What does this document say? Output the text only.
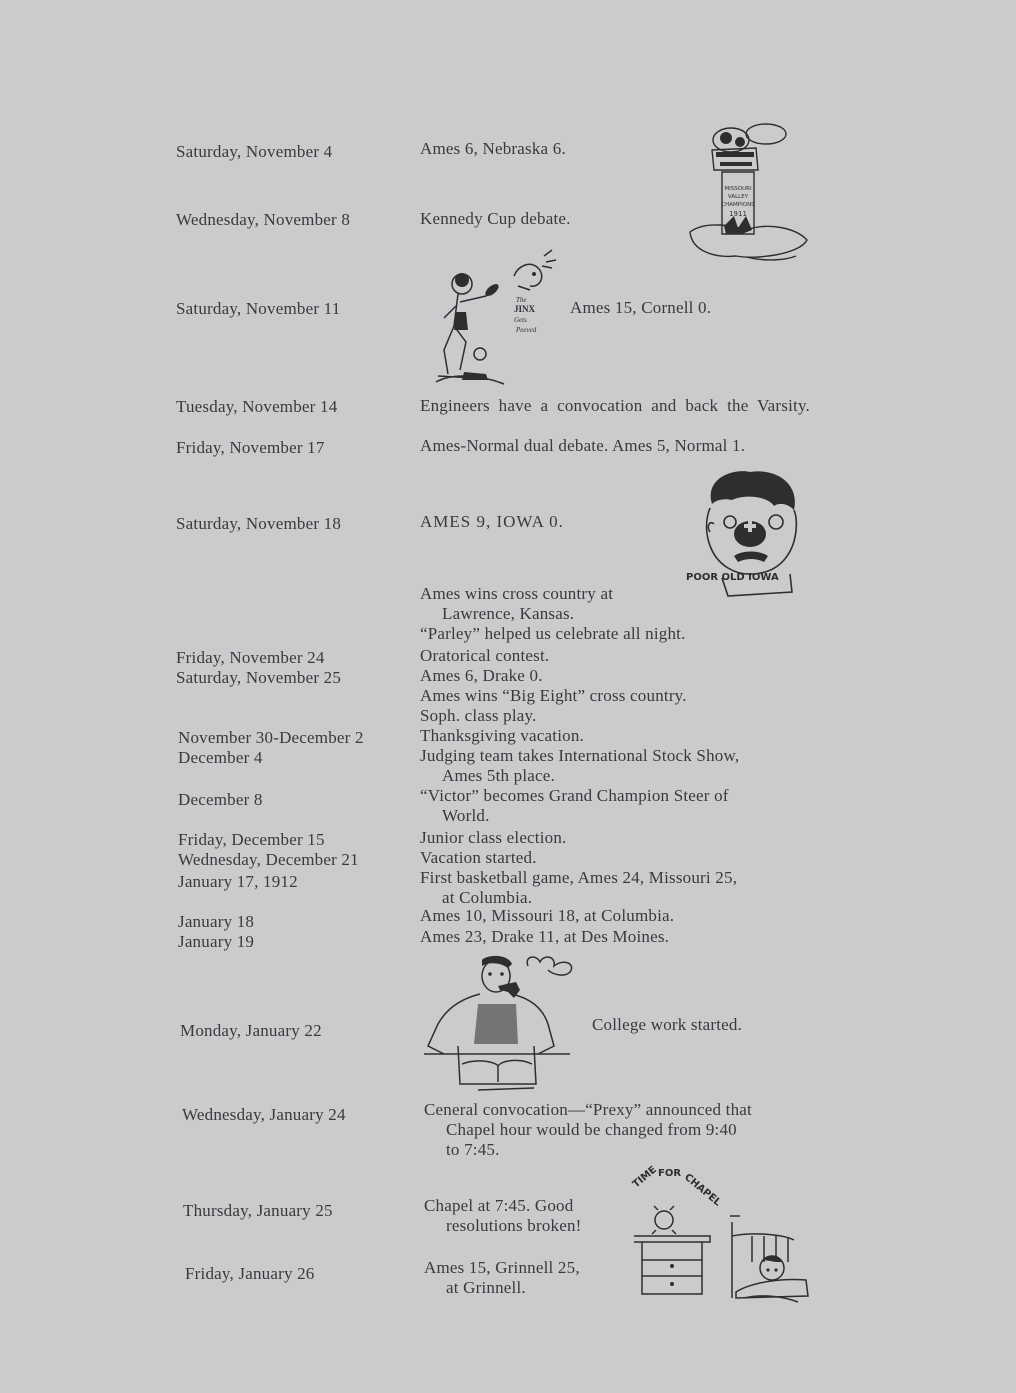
Saturday, November 4
Wednesday, November 8
Saturday, November 11
Tuesday, November 14
Friday, November 17
Saturday, November 18
Friday, November 24
Saturday, November 25
November 30-December 2
December 4
December 8
Friday, December 15
Wednesday, December 21
January 17, 1912
January 18
January 19
Monday, January 22
Wednesday, January 24
Thursday, January 25
Friday, January 26
Ames 6, Nebraska 6.
Kennedy Cup debate.
Ames 15, Cornell 0.
Engineers have a convocation and back the Varsity.
Ames-Normal dual debate. Ames 5, Normal 1.
AMES 9, IOWA 0.
Ames wins cross country at
Lawrence, Kansas.
“Parley” helped us celebrate all night.
Oratorical contest.
Ames 6, Drake 0.
Ames wins “Big Eight” cross country.
Soph. class play.
Thanksgiving vacation.
Judging team takes International Stock Show,
Ames 5th place.
“Victor” becomes Grand Champion Steer of
World.
Junior class election.
Vacation started.
First basketball game, Ames 24, Missouri 25,
at Columbia.
Ames 10, Missouri 18, at Columbia.
Ames 23, Drake 11, at Des Moines.
College work started.
Ceneral convocation—“Prexy” announced that
Chapel hour would be changed from 9:40
to 7:45.
Chapel at 7:45. Good
resolutions broken!
Ames 15, Grinnell 25,
at Grinnell.
MISSOURI
VALLEY
CHAMPIONS
1911
The
JINX
Gets
Peeved
POOR OLD IOWA
TIME FOR CHAPEL
